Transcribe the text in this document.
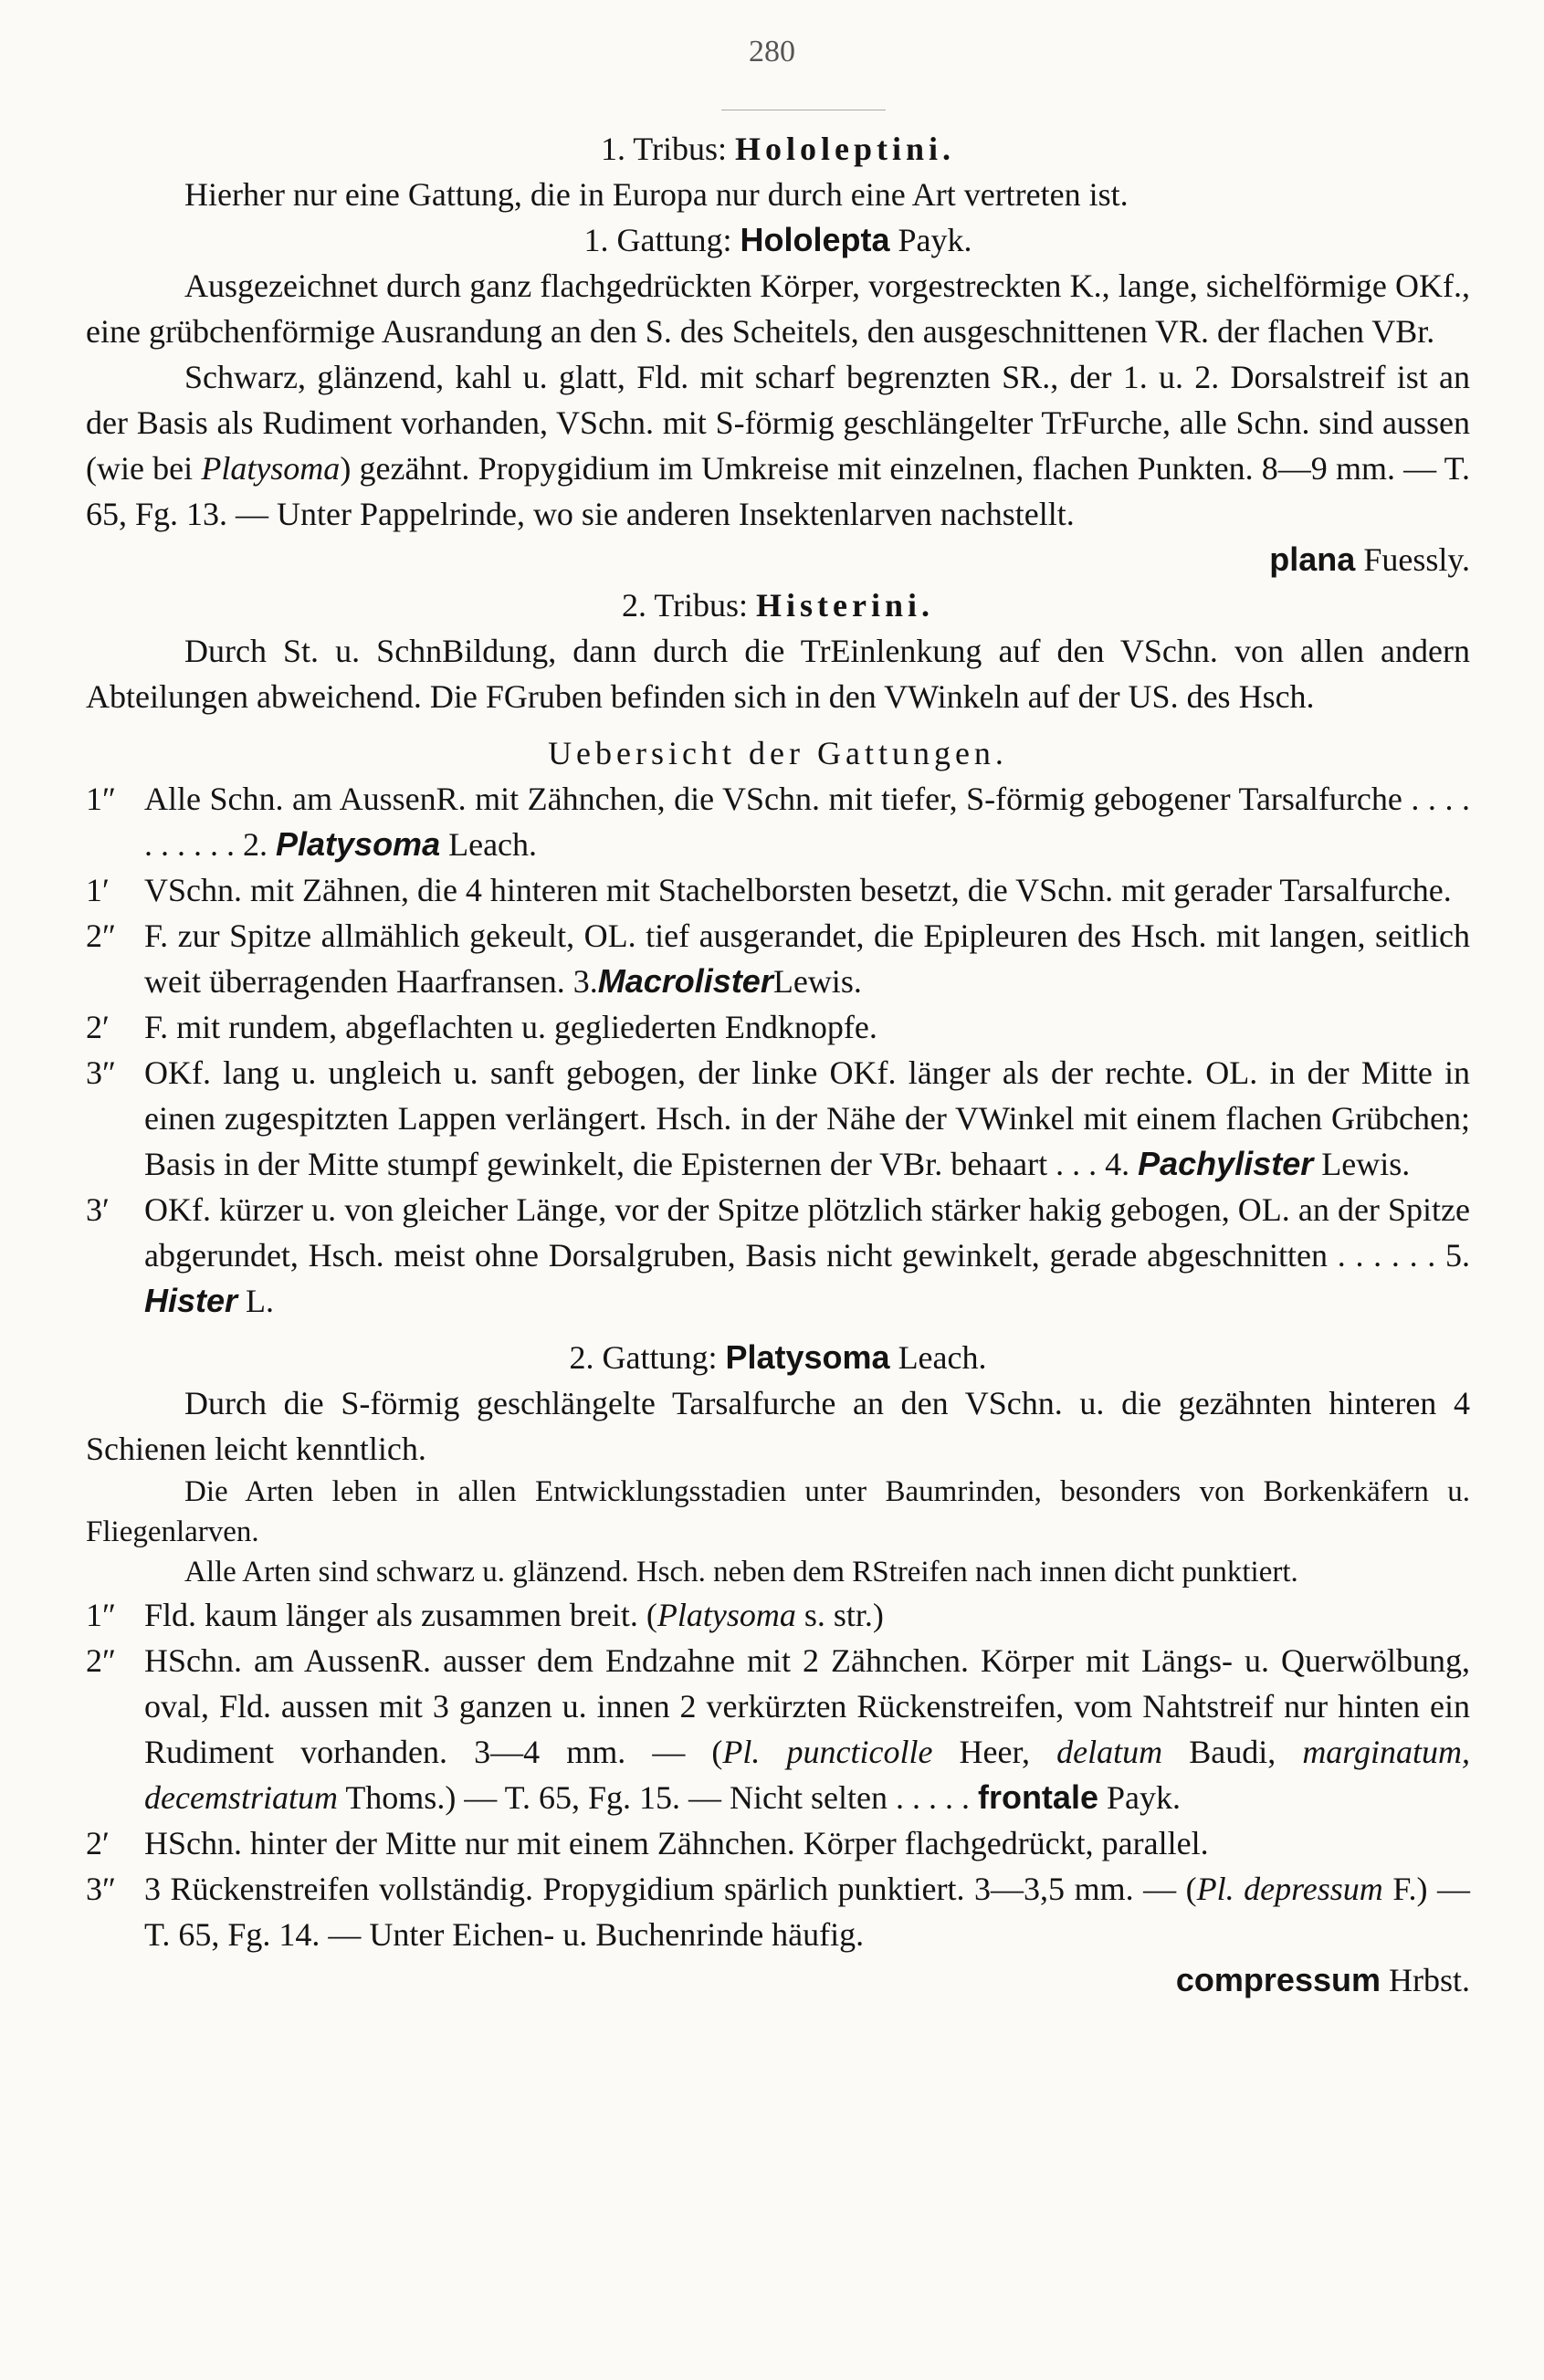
280

1. Tribus: Hololeptini.

Hierher nur eine Gattung, die in Europa nur durch eine Art vertreten ist.

1. Gattung: Hololepta Payk.

Ausgezeichnet durch ganz flachgedrückten Körper, vorgestreckten K., lange, sichelförmige OKf., eine grübchenförmige Ausrandung an den S. des Scheitels, den ausgeschnittenen VR. der flachen VBr.

Schwarz, glänzend, kahl u. glatt, Fld. mit scharf begrenzten SR., der 1. u. 2. Dorsalstreif ist an der Basis als Rudiment vorhanden, VSchn. mit S-förmig geschlängelter TrFurche, alle Schn. sind aussen (wie bei Platysoma) gezähnt. Propygidium im Umkreise mit einzelnen, flachen Punkten. 8—9 mm. — T. 65, Fg. 13. — Unter Pappelrinde, wo sie anderen Insektenlarven nachstellt.

plana Fuessly.

2. Tribus: Histerini.

Durch St. u. SchnBildung, dann durch die TrEinlenkung auf den VSchn. von allen andern Abteilungen abweichend. Die FGruben befinden sich in den VWinkeln auf der US. des Hsch.

Uebersicht der Gattungen.

1″ Alle Schn. am AussenR. mit Zähnchen, die VSchn. mit tiefer, S-förmig gebogener Tarsalfurche . . . . . . . . . . 2. Platysoma Leach.
1′	VSchn. mit Zähnen, die 4 hinteren mit Stachelborsten besetzt, die VSchn. mit gerader Tarsalfurche.
2″ F. zur Spitze allmählich gekeult, OL. tief ausgerandet, die Epipleuren des Hsch. mit langen, seitlich weit überragenden Haarfransen. 3.MacrolisterLewis.
2′	F. mit rundem, abgeflachten u. gegliederten Endknopfe.
3″ OKf. lang u. ungleich u. sanft gebogen, der linke OKf. länger als der rechte. OL. in der Mitte in einen zugespitzten Lappen verlängert. Hsch. in der Nähe der VWinkel mit einem flachen Grübchen; Basis in der Mitte stumpf gewinkelt, die Episternen der VBr. behaart . . . 4. Pachylister Lewis.
3′	OKf. kürzer u. von gleicher Länge, vor der Spitze plötzlich stärker hakig gebogen, OL. an der Spitze abgerundet, Hsch. meist ohne Dorsalgruben, Basis nicht gewinkelt, gerade abgeschnitten . . . . . . 5. Hister L.

2. Gattung: Platysoma Leach.

Durch die S-förmig geschlängelte Tarsalfurche an den VSchn. u. die gezähnten hinteren 4 Schienen leicht kenntlich.

Die Arten leben in allen Entwicklungsstadien unter Baumrinden, besonders von Borkenkäfern u. Fliegenlarven.

Alle Arten sind schwarz u. glänzend. Hsch. neben dem RStreifen nach innen dicht punktiert.

1″ Fld. kaum länger als zusammen breit. (Platysoma s. str.)
2″ HSchn. am AussenR. ausser dem Endzahne mit 2 Zähnchen. Körper mit Längs- u. Querwölbung, oval, Fld. aussen mit 3 ganzen u. innen 2 verkürzten Rückenstreifen, vom Nahtstreif nur hinten ein Rudiment vorhanden. 3—4 mm. — (Pl. puncticolle Heer, delatum Baudi, marginatum, decemstriatum Thoms.) — T. 65, Fg. 15. — Nicht selten . . . . . frontale Payk.
2′	HSchn. hinter der Mitte nur mit einem Zähnchen. Körper flachgedrückt, parallel.
3″ 3 Rückenstreifen vollständig. Propygidium spärlich punktiert. 3—3,5 mm. — (Pl. depressum F.) — T. 65, Fg. 14. — Unter Eichen- u. Buchenrinde häufig.

compressum Hrbst.
